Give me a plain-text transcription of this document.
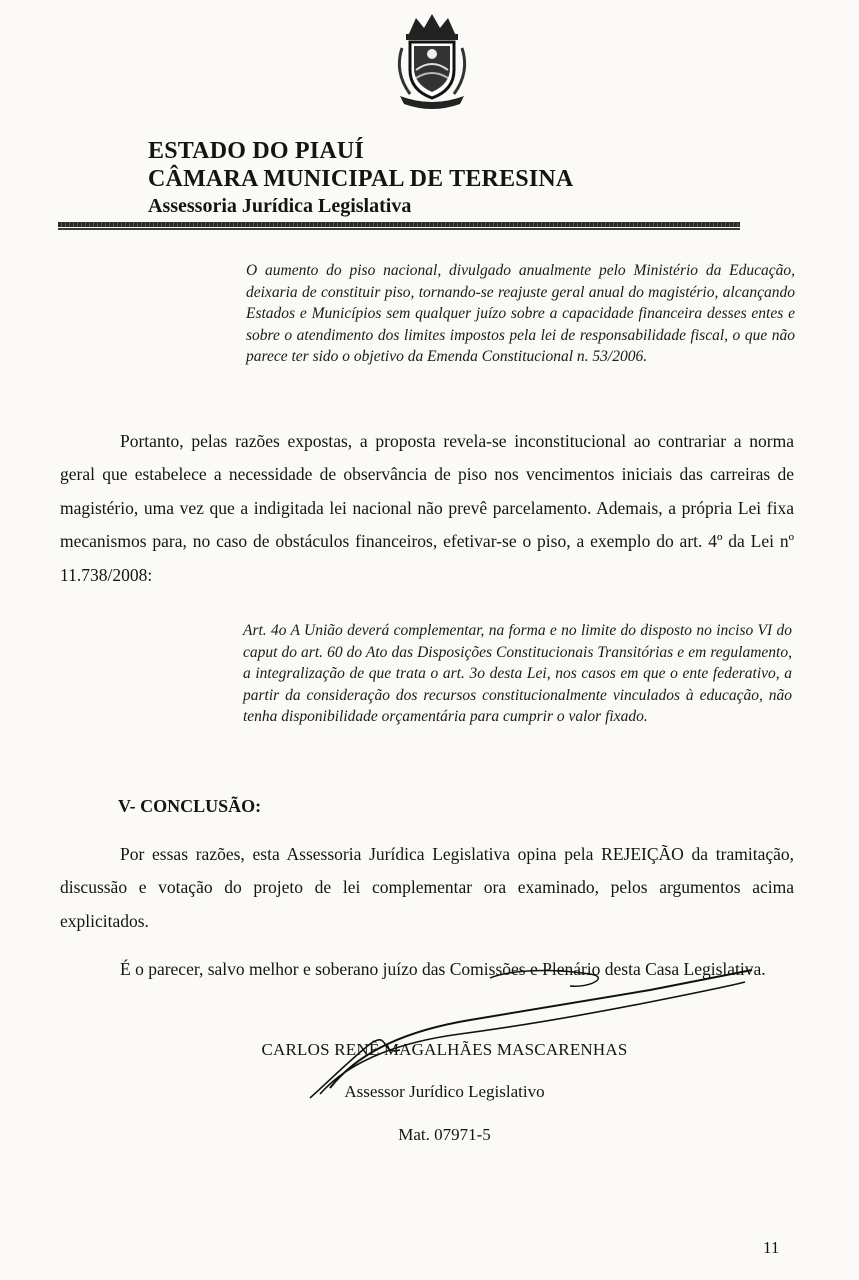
ESTADO DO PIAUÍ
CÂMARA MUNICIPAL DE TERESINA
Assessoria Jurídica Legislativa
O aumento do piso nacional, divulgado anualmente pelo Ministério da Educação, deixaria de constituir piso, tornando-se reajuste geral anual do magistério, alcançando Estados e Municípios sem qualquer juízo sobre a capacidade financeira desses entes e sobre o atendimento dos limites impostos pela lei de responsabilidade fiscal, o que não parece ter sido o objetivo da Emenda Constitucional n. 53/2006.
Portanto, pelas razões expostas, a proposta revela-se inconstitucional ao contrariar a norma geral que estabelece a necessidade de observância de piso nos vencimentos iniciais das carreiras de magistério, uma vez que a indigitada lei nacional não prevê parcelamento. Ademais, a própria Lei fixa mecanismos para, no caso de obstáculos financeiros, efetivar-se o piso, a exemplo do art. 4º da Lei nº 11.738/2008:
Art. 4o A União deverá complementar, na forma e no limite do disposto no inciso VI do caput do art. 60 do Ato das Disposições Constitucionais Transitórias e em regulamento, a integralização de que trata o art. 3o desta Lei, nos casos em que o ente federativo, a partir da consideração dos recursos constitucionalmente vinculados à educação, não tenha disponibilidade orçamentária para cumprir o valor fixado.
V- CONCLUSÃO:
Por essas razões, esta Assessoria Jurídica Legislativa opina pela REJEIÇÃO da tramitação, discussão e votação do projeto de lei complementar ora examinado, pelos argumentos acima explicitados.
É o parecer, salvo melhor e soberano juízo das Comissões e Plenário desta Casa Legislativa.
CARLOS RENÊ MAGALHÃES MASCARENHAS
Assessor Jurídico Legislativo
Mat. 07971-5
11
